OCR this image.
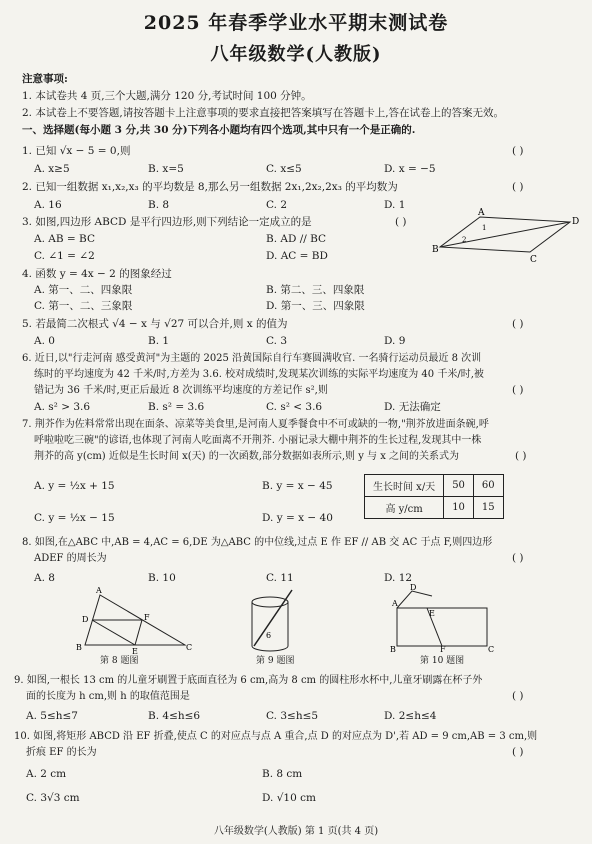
2025 年春季学业水平期末测试卷
八年级数学(人教版)
注意事项:
1. 本试卷共 4 页,三个大题,满分 120 分,考试时间 100 分钟。
2. 本试卷上不要答题,请按答题卡上注意事项的要求直接把答案填写在答题卡上,答在试卷上的答案无效。
一、选择题(每小题 3 分,共 30 分)下列各小题均有四个选项,其中只有一个是正确的.
1. 已知 √x − 5 = 0,则	( )
A. x≥5	B. x=5	C. x≤5	D. x = −5
2. 已知一组数据 x₁,x₂,x₃ 的平均数是 8,那么另一组数据 2x₁,2x₂,2x₃ 的平均数为	( )
A. 16	B. 8	C. 2	D. 1
3. 如图,四边形 ABCD 是平行四边形,则下列结论一定成立的是	( )
A. AB = BC	B. AD // BC
C. ∠1 = ∠2	D. AC = BD
A
D
B
C
1
2
4. 函数 y = 4x − 2 的图象经过
A. 第一、二、四象限	B. 第二、三、四象限
C. 第一、二、三象限	D. 第一、三、四象限
5. 若最简二次根式 √4 − x 与 √27 可以合并,则 x 的值为	( )
A. 0	B. 1	C. 3	D. 9
6. 近日,以"行走河南 感受黄河"为主题的 2025 沿黄国际自行车赛圆满收官. 一名骑行运动员最近 8 次训
练时的平均速度为 42 千米/时,方差为 3.6. 校对成绩时,发现某次训练的实际平均速度为 40 千米/时,被
错记为 36 千米/时,更正后最近 8 次训练平均速度的方差记作 s²,则	( )
A. s² > 3.6	B. s² = 3.6	C. s² < 3.6	D. 无法确定
7. 荆芥作为佐料常常出现在面条、凉菜等美食里,是河南人夏季餐食中不可或缺的一物,"荆芥放进面条碗,呼
呼啦啦吃三碗"的谚语,也体现了河南人吃面离不开荆芥. 小丽记录大棚中荆芥的生长过程,发现其中一株
荆芥的高 y(cm) 近似是生长时间 x(天) 的一次函数,部分数据如表所示,则 y 与 x 之间的关系式为	( )
A. y = ½x + 15	B. y = x − 45
C. y = ½x − 15	D. y = x − 40
生长时间 x/天	50	60
高 y/cm	10	15
8. 如图,在△ABC 中,AB = 4,AC = 6,DE 为△ABC 的中位线,过点 E 作 EF // AB 交 AC 于点 F,则四边形
ADEF 的周长为	( )
A. 8	B. 10	C. 11	D. 12
A
B
D	F
E	C
第 8 题图
6
第 9 题图
A
D
E
B	C
F
第 10 题图
9. 如图,一根长 13 cm 的儿童牙刷置于底面直径为 6 cm,高为 8 cm 的圆柱形水杯中,儿童牙刷露在杯子外
面的长度为 h cm,则 h 的取值范围是	( )
A. 5≤h≤7	B. 4≤h≤6	C. 3≤h≤5	D. 2≤h≤4
10. 如图,将矩形 ABCD 沿 EF 折叠,使点 C 的对应点与点 A 重合,点 D 的对应点为 D',若 AD = 9 cm,AB = 3 cm,则
折痕 EF 的长为	( )
A. 2 cm	B. 8 cm
C. 3√3 cm	D. √10 cm
八年级数学(人教版) 第 1 页(共 4 页)
